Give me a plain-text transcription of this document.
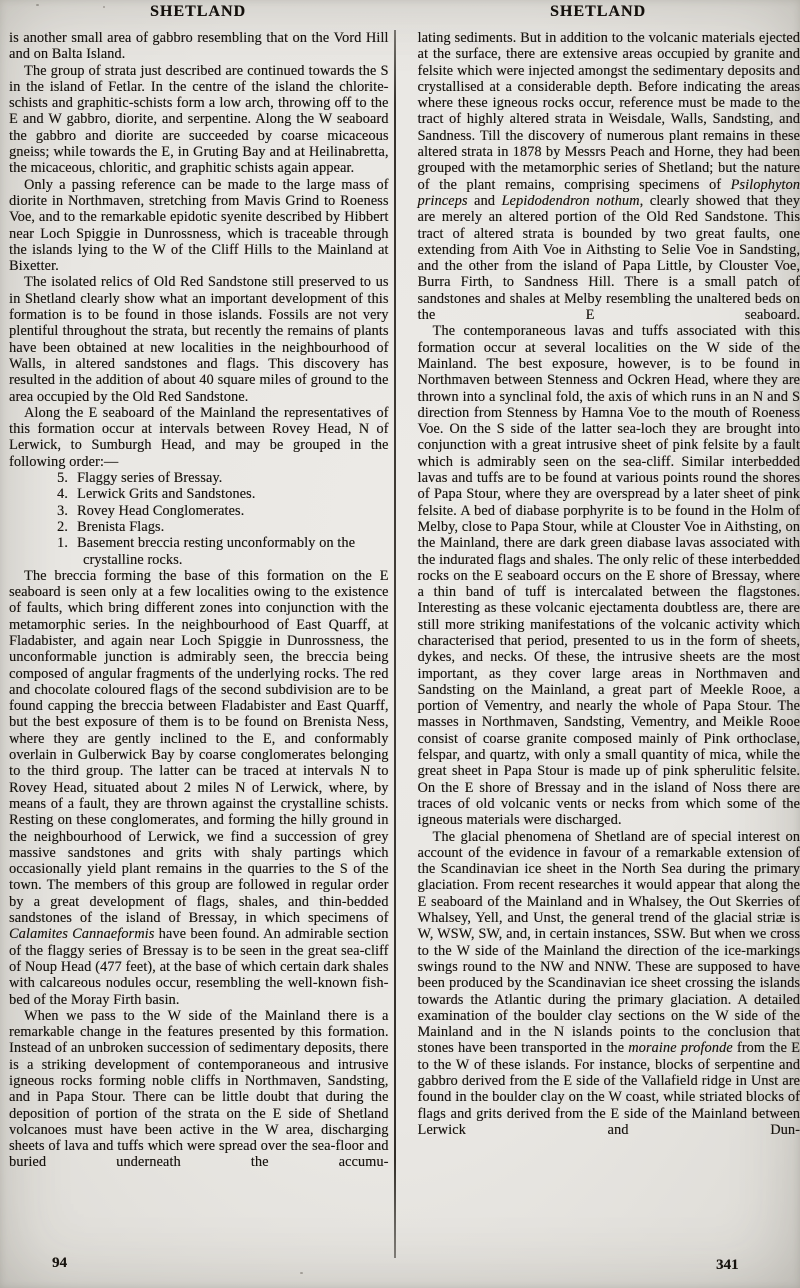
SHETLAND	SHETLAND

is another small area of gabbro resembling that on the Vord Hill and on Balta Island.

The group of strata just described are continued towards the S in the island of Fetlar. In the centre of the island the chlorite-schists and graphitic-schists form a low arch, throwing off to the E and W gabbro, diorite, and serpentine. Along the W seaboard the gabbro and diorite are succeeded by coarse micaceous gneiss; while towards the E, in Gruting Bay and at Heilinabretta, the micaceous, chloritic, and graphitic schists again appear.

Only a passing reference can be made to the large mass of diorite in Northmaven, stretching from Mavis Grind to Roeness Voe, and to the remarkable epidotic syenite described by Hibbert near Loch Spiggie in Dunrossness, which is traceable through the islands lying to the W of the Cliff Hills to the Mainland at Bixetter.

The isolated relics of Old Red Sandstone still preserved to us in Shetland clearly show what an important development of this formation is to be found in those islands. Fossils are not very plentiful throughout the strata, but recently the remains of plants have been obtained at new localities in the neighbourhood of Walls, in altered sandstones and flags. This discovery has resulted in the addition of about 40 square miles of ground to the area occupied by the Old Red Sandstone.

Along the E seaboard of the Mainland the representatives of this formation occur at intervals between Rovey Head, N of Lerwick, to Sumburgh Head, and may be grouped in the following order:—

5. Flaggy series of Bressay.
4. Lerwick Grits and Sandstones.
3. Rovey Head Conglomerates.
2. Brenista Flags.
1. Basement breccia resting unconformably on the crystalline rocks.

The breccia forming the base of this formation on the E seaboard is seen only at a few localities owing to the existence of faults, which bring different zones into conjunction with the metamorphic series. In the neighbourhood of East Quarff, at Fladabister, and again near Loch Spiggie in Dunrossness, the unconformable junction is admirably seen, the breccia being composed of angular fragments of the underlying rocks. The red and chocolate coloured flags of the second subdivision are to be found capping the breccia between Fladabister and East Quarff, but the best exposure of them is to be found on Brenista Ness, where they are gently inclined to the E, and conformably overlain in Gulberwick Bay by coarse conglomerates belonging to the third group. The latter can be traced at intervals N to Rovey Head, situated about 2 miles N of Lerwick, where, by means of a fault, they are thrown against the crystalline schists. Resting on these conglomerates, and forming the hilly ground in the neighbourhood of Lerwick, we find a succession of grey massive sandstones and grits with shaly partings which occasionally yield plant remains in the quarries to the S of the town. The members of this group are followed in regular order by a great development of flags, shales, and thin-bedded sandstones of the island of Bressay, in which specimens of Calamites Cannaeformis have been found. An admirable section of the flaggy series of Bressay is to be seen in the great sea-cliff of Noup Head (477 feet), at the base of which certain dark shales with calcareous nodules occur, resembling the well-known fish-bed of the Moray Firth basin.

When we pass to the W side of the Mainland there is a remarkable change in the features presented by this formation. Instead of an unbroken succession of sedimentary deposits, there is a striking development of contemporaneous and intrusive igneous rocks forming noble cliffs in Northmaven, Sandsting, and in Papa Stour. There can be little doubt that during the deposition of portion of the strata on the E side of Shetland volcanoes must have been active in the W area, discharging sheets of lava and tuffs which were spread over the sea-floor and buried underneath the accumu-

lating sediments. But in addition to the volcanic materials ejected at the surface, there are extensive areas occupied by granite and felsite which were injected amongst the sedimentary deposits and crystallised at a considerable depth. Before indicating the areas where these igneous rocks occur, reference must be made to the tract of highly altered strata in Weisdale, Walls, Sandsting, and Sandness. Till the discovery of numerous plant remains in these altered strata in 1878 by Messrs Peach and Horne, they had been grouped with the metamorphic series of Shetland; but the nature of the plant remains, comprising specimens of Psilophyton princeps and Lepidodendron nothum, clearly showed that they are merely an altered portion of the Old Red Sandstone. This tract of altered strata is bounded by two great faults, one extending from Aith Voe in Aithsting to Selie Voe in Sandsting, and the other from the island of Papa Little, by Clouster Voe, Burra Firth, to Sandness Hill. There is a small patch of sandstones and shales at Melby resembling the unaltered beds on the E seaboard.

The contemporaneous lavas and tuffs associated with this formation occur at several localities on the W side of the Mainland. The best exposure, however, is to be found in Northmaven between Stenness and Ockren Head, where they are thrown into a synclinal fold, the axis of which runs in an N and S direction from Stenness by Hamna Voe to the mouth of Roeness Voe. On the S side of the latter sea-loch they are brought into conjunction with a great intrusive sheet of pink felsite by a fault which is admirably seen on the sea-cliff. Similar interbedded lavas and tuffs are to be found at various points round the shores of Papa Stour, where they are overspread by a later sheet of pink felsite. A bed of diabase porphyrite is to be found in the Holm of Melby, close to Papa Stour, while at Clouster Voe in Aithsting, on the Mainland, there are dark green diabase lavas associated with the indurated flags and shales. The only relic of these interbedded rocks on the E seaboard occurs on the E shore of Bressay, where a thin band of tuff is intercalated between the flagstones. Interesting as these volcanic ejectamenta doubtless are, there are still more striking manifestations of the volcanic activity which characterised that period, presented to us in the form of sheets, dykes, and necks. Of these, the intrusive sheets are the most important, as they cover large areas in Northmaven and Sandsting on the Mainland, a great part of Meekle Rooe, a portion of Vementry, and nearly the whole of Papa Stour. The masses in Northmaven, Sandsting, Vementry, and Meikle Rooe consist of coarse granite composed mainly of Pink orthoclase, felspar, and quartz, with only a small quantity of mica, while the great sheet in Papa Stour is made up of pink spherulitic felsite. On the E shore of Bressay and in the island of Noss there are traces of old volcanic vents or necks from which some of the igneous materials were discharged.

The glacial phenomena of Shetland are of special interest on account of the evidence in favour of a remarkable extension of the Scandinavian ice sheet in the North Sea during the primary glaciation. From recent researches it would appear that along the E seaboard of the Mainland and in Whalsey, the Out Skerries of Whalsey, Yell, and Unst, the general trend of the glacial striæ is W, WSW, SW, and, in certain instances, SSW. But when we cross to the W side of the Mainland the direction of the ice-markings swings round to the NW and NNW. These are supposed to have been produced by the Scandinavian ice sheet crossing the islands towards the Atlantic during the primary glaciation. A detailed examination of the boulder clay sections on the W side of the Mainland and in the N islands points to the conclusion that stones have been transported in the moraine profonde from the E to the W of these islands. For instance, blocks of serpentine and gabbro derived from the E side of the Vallafield ridge in Unst are found in the boulder clay on the W coast, while striated blocks of flags and grits derived from the E side of the Mainland between Lerwick and Dun-

94	341
